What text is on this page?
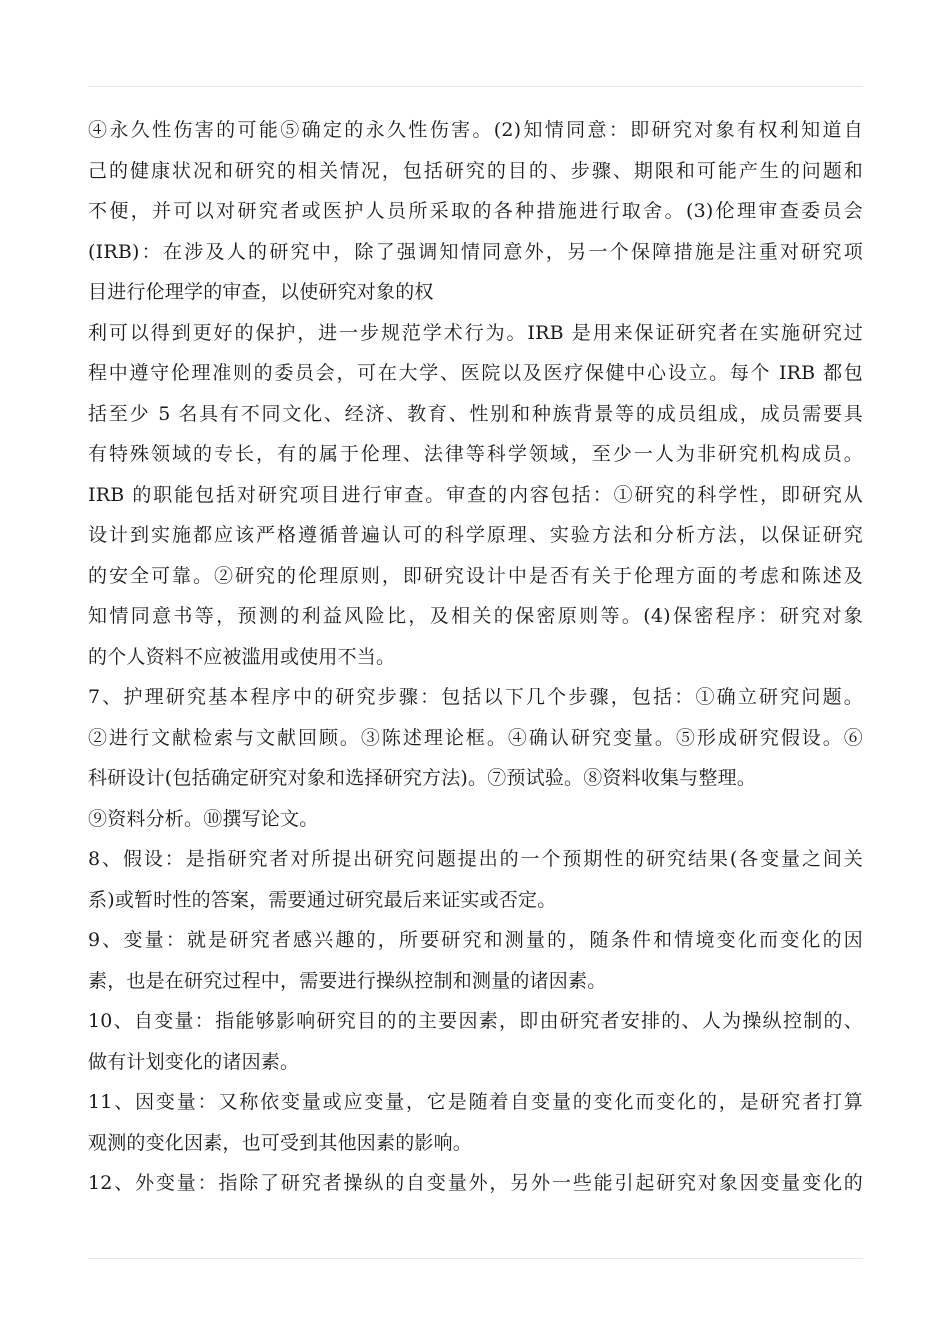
④永久性伤害的可能⑤确定的永久性伤害。(2)知情同意：即研究对象有权利知道自
己的健康状况和研究的相关情况，包括研究的目的、步骤、期限和可能产生的问题和
不便，并可以对研究者或医护人员所采取的各种措施进行取舍。(3)伦理审查委员会
(IRB)：在涉及人的研究中，除了强调知情同意外，另一个保障措施是注重对研究项
目进行伦理学的审查，以使研究对象的权
利可以得到更好的保护，进一步规范学术行为。IRB 是用来保证研究者在实施研究过
程中遵守伦理准则的委员会，可在大学、医院以及医疗保健中心设立。每个 IRB 都包
括至少 5 名具有不同文化、经济、教育、性别和种族背景等的成员组成，成员需要具
有特殊领域的专长，有的属于伦理、法律等科学领域，至少一人为非研究机构成员。
IRB 的职能包括对研究项目进行审查。审查的内容包括：①研究的科学性，即研究从
设计到实施都应该严格遵循普遍认可的科学原理、实验方法和分析方法，以保证研究
的安全可靠。②研究的伦理原则，即研究设计中是否有关于伦理方面的考虑和陈述及
知情同意书等，预测的利益风险比，及相关的保密原则等。(4)保密程序：研究对象
的个人资料不应被滥用或使用不当。
7、护理研究基本程序中的研究步骤：包括以下几个步骤，包括：①确立研究问题。
②进行文献检索与文献回顾。③陈述理论框。④确认研究变量。⑤形成研究假设。⑥
科研设计(包括确定研究对象和选择研究方法)。⑦预试验。⑧资料收集与整理。
⑨资料分析。⑩撰写论文。
8、假设：是指研究者对所提出研究问题提出的一个预期性的研究结果(各变量之间关
系)或暂时性的答案，需要通过研究最后来证实或否定。
9、变量：就是研究者感兴趣的，所要研究和测量的，随条件和情境变化而变化的因
素，也是在研究过程中，需要进行操纵控制和测量的诸因素。
10、自变量：指能够影响研究目的的主要因素，即由研究者安排的、人为操纵控制的、
做有计划变化的诸因素。
11、因变量：又称依变量或应变量，它是随着自变量的变化而变化的，是研究者打算
观测的变化因素，也可受到其他因素的影响。
12、外变量：指除了研究者操纵的自变量外，另外一些能引起研究对象因变量变化的
